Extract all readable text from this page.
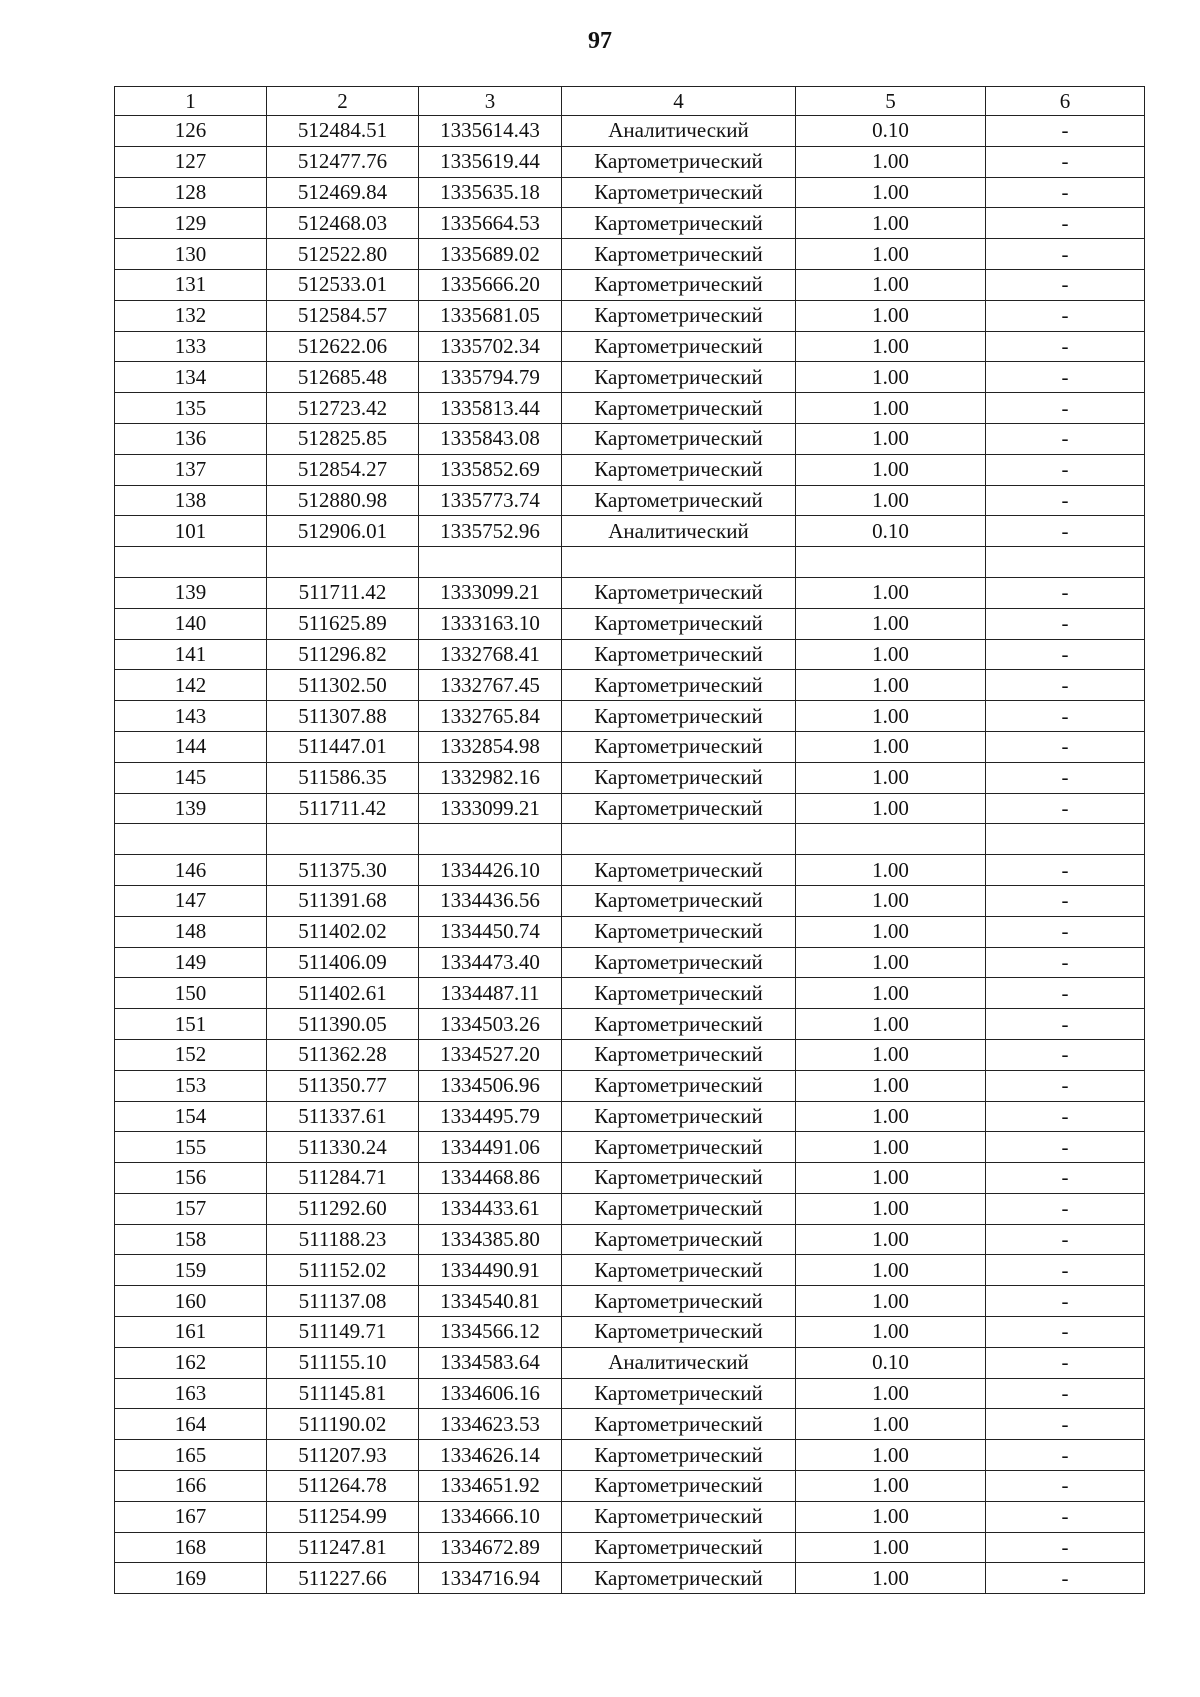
97
1	2	3	4	5	6
126	512484.51	1335614.43	Аналитический	0.10	-
127	512477.76	1335619.44	Картометрический	1.00	-
128	512469.84	1335635.18	Картометрический	1.00	-
129	512468.03	1335664.53	Картометрический	1.00	-
130	512522.80	1335689.02	Картометрический	1.00	-
131	512533.01	1335666.20	Картометрический	1.00	-
132	512584.57	1335681.05	Картометрический	1.00	-
133	512622.06	1335702.34	Картометрический	1.00	-
134	512685.48	1335794.79	Картометрический	1.00	-
135	512723.42	1335813.44	Картометрический	1.00	-
136	512825.85	1335843.08	Картометрический	1.00	-
137	512854.27	1335852.69	Картометрический	1.00	-
138	512880.98	1335773.74	Картометрический	1.00	-
101	512906.01	1335752.96	Аналитический	0.10	-

139	511711.42	1333099.21	Картометрический	1.00	-
140	511625.89	1333163.10	Картометрический	1.00	-
141	511296.82	1332768.41	Картометрический	1.00	-
142	511302.50	1332767.45	Картометрический	1.00	-
143	511307.88	1332765.84	Картометрический	1.00	-
144	511447.01	1332854.98	Картометрический	1.00	-
145	511586.35	1332982.16	Картометрический	1.00	-
139	511711.42	1333099.21	Картометрический	1.00	-

146	511375.30	1334426.10	Картометрический	1.00	-
147	511391.68	1334436.56	Картометрический	1.00	-
148	511402.02	1334450.74	Картометрический	1.00	-
149	511406.09	1334473.40	Картометрический	1.00	-
150	511402.61	1334487.11	Картометрический	1.00	-
151	511390.05	1334503.26	Картометрический	1.00	-
152	511362.28	1334527.20	Картометрический	1.00	-
153	511350.77	1334506.96	Картометрический	1.00	-
154	511337.61	1334495.79	Картометрический	1.00	-
155	511330.24	1334491.06	Картометрический	1.00	-
156	511284.71	1334468.86	Картометрический	1.00	-
157	511292.60	1334433.61	Картометрический	1.00	-
158	511188.23	1334385.80	Картометрический	1.00	-
159	511152.02	1334490.91	Картометрический	1.00	-
160	511137.08	1334540.81	Картометрический	1.00	-
161	511149.71	1334566.12	Картометрический	1.00	-
162	511155.10	1334583.64	Аналитический	0.10	-
163	511145.81	1334606.16	Картометрический	1.00	-
164	511190.02	1334623.53	Картометрический	1.00	-
165	511207.93	1334626.14	Картометрический	1.00	-
166	511264.78	1334651.92	Картометрический	1.00	-
167	511254.99	1334666.10	Картометрический	1.00	-
168	511247.81	1334672.89	Картометрический	1.00	-
169	511227.66	1334716.94	Картометрический	1.00	-
